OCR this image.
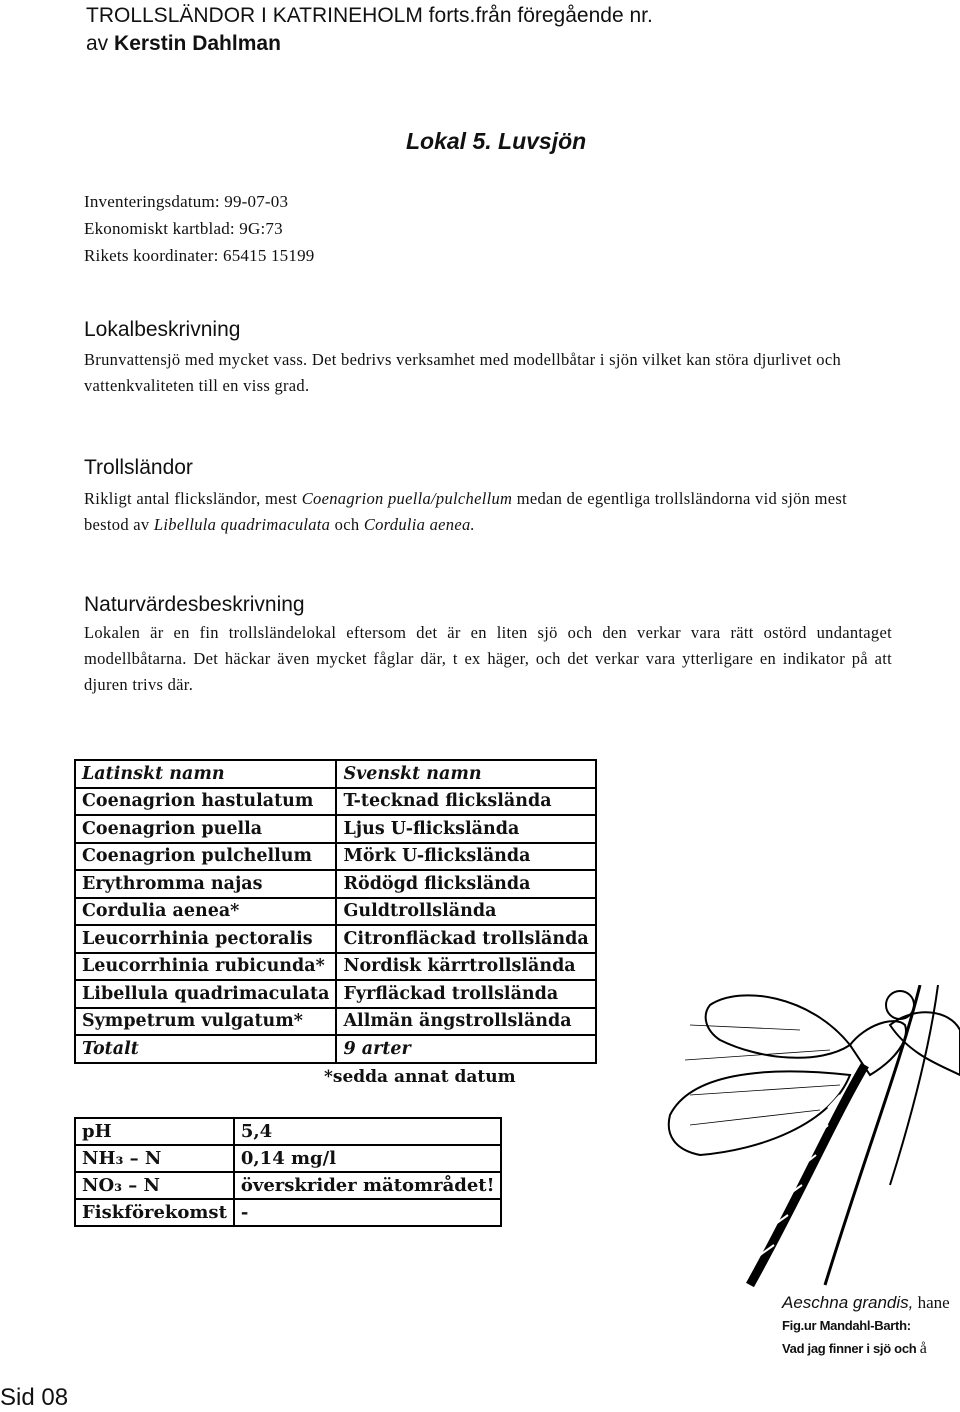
TROLLSLÄNDOR I KATRINEHOLM forts.från föregående nr.
av Kerstin Dahlman
Lokal 5. Luvsjön
Inventeringsdatum: 99-07-03
Ekonomiskt kartblad: 9G:73
Rikets koordinater: 65415 15199
Lokalbeskrivning
Brunvattensjö med mycket vass. Det bedrivs verksamhet med modellbåtar i sjön vilket kan störa djurlivet och vattenkvaliteten till en viss grad.
Trollsländor
Rikligt antal flicksländor, mest Coenagrion puella/pulchellum medan de egentliga trollsländorna vid sjön mest bestod av Libellula quadrimaculata och Cordulia aenea.
Naturvärdesbeskrivning
Lokalen är en fin trollsländelokal eftersom det är en liten sjö och den verkar vara rätt ostörd undantaget modellbåtarna. Det häckar även mycket fåglar där, t ex häger, och det verkar vara ytterligare en indikator på att djuren trivs där.
Latinskt namn	Svenskt namn
Coenagrion hastulatum	T-tecknad flickslända
Coenagrion puella	Ljus U-flickslända
Coenagrion pulchellum	Mörk U-flickslända
Erythromma najas	Rödögd flickslända
Cordulia aenea*	Guldtrollslända
Leucorrhinia pectoralis	Citronfläckad trollslända
Leucorrhinia rubicunda*	Nordisk kärrtrollslända
Libellula quadrimaculata	Fyrfläckad trollslända
Sympetrum vulgatum*	Allmän ängstrollslända
Totalt	9 arter
*sedda annat datum
pH	5,4
NH₃ – N	0,14 mg/l
NO₃ – N	överskrider mätområdet!
Fiskförekomst	-
Aeschna grandis, hane
Fig.ur Mandahl-Barth:
Vad jag finner i sjö och å
Sid 08
